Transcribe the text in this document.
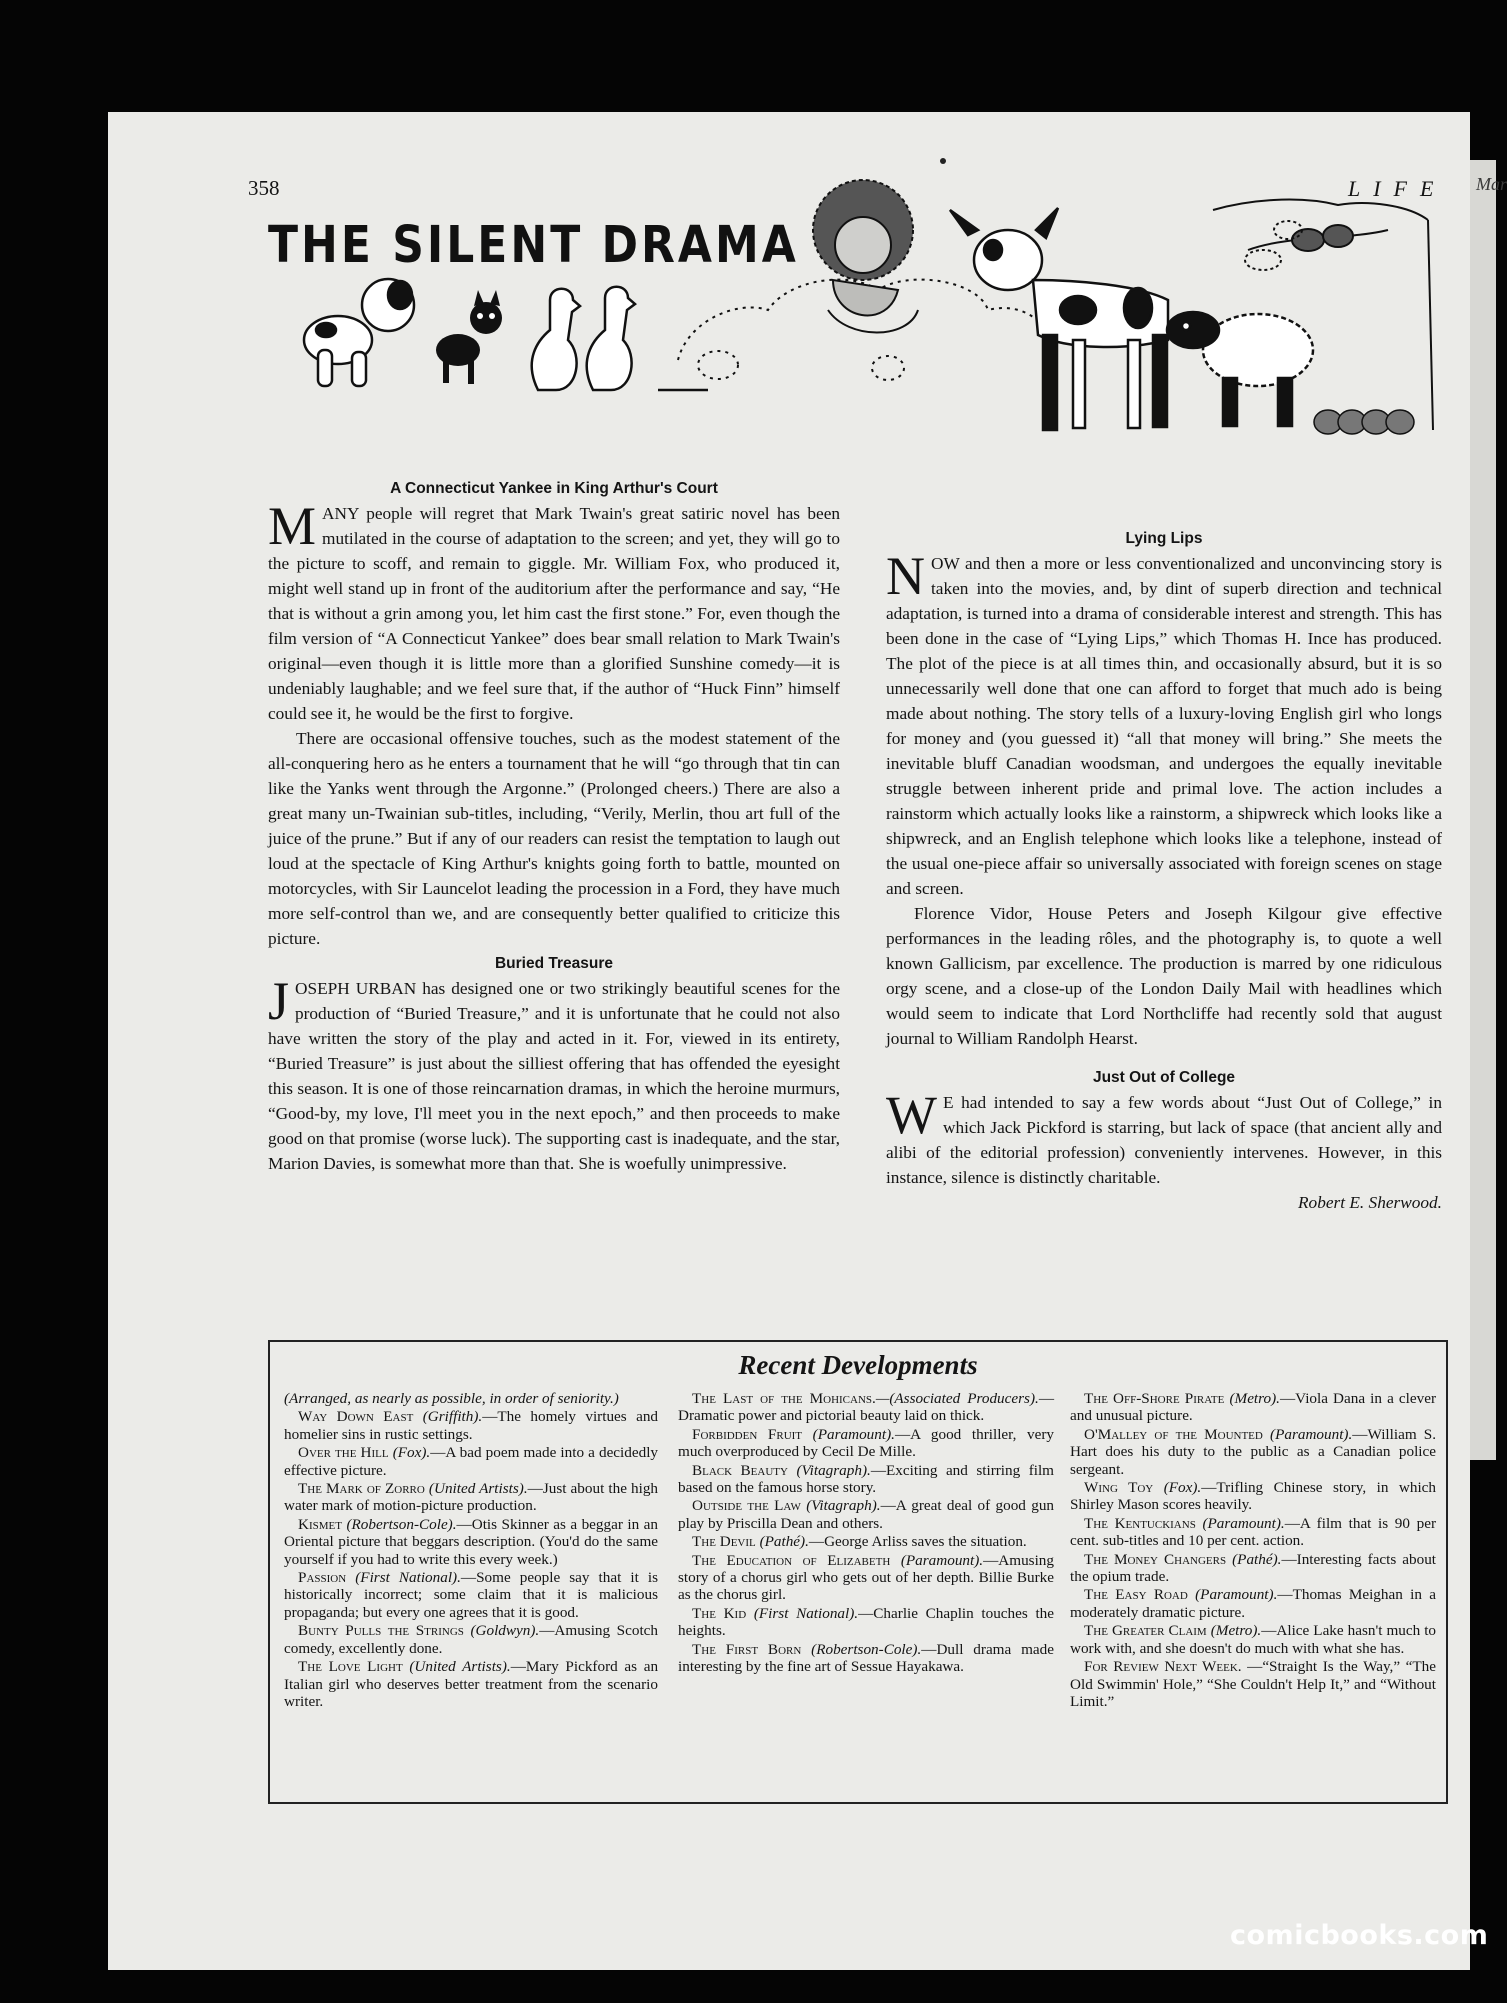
Mar
358	LIFE
THE SILENT DRAMA
A Connecticut Yankee in King Arthur's Court

MANY people will regret that Mark Twain's great satiric novel has been mutilated in the course of adaptation to the screen; and yet, they will go to the picture to scoff, and remain to giggle. Mr. William Fox, who produced it, might well stand up in front of the auditorium after the performance and say, “He that is without a grin among you, let him cast the first stone.” For, even though the film version of “A Connecticut Yankee” does bear small relation to Mark Twain's original—even though it is little more than a glorified Sunshine comedy—it is undeniably laughable; and we feel sure that, if the author of “Huck Finn” himself could see it, he would be the first to forgive.

There are occasional offensive touches, such as the modest statement of the all-conquering hero as he enters a tournament that he will “go through that tin can like the Yanks went through the Argonne.” (Prolonged cheers.) There are also a great many un-Twainian sub-titles, including, “Verily, Merlin, thou art full of the juice of the prune.” But if any of our readers can resist the temptation to laugh out loud at the spectacle of King Arthur's knights going forth to battle, mounted on motorcycles, with Sir Launcelot leading the procession in a Ford, they have much more self-control than we, and are consequently better qualified to criticize this picture.

Buried Treasure

JOSEPH URBAN has designed one or two strikingly beautiful scenes for the production of “Buried Treasure,” and it is unfortunate that he could not also have written the story of the play and acted in it. For, viewed in its entirety, “Buried Treasure” is just about the silliest offering that has offended the eyesight this season. It is one of those reincarnation dramas, in which the heroine murmurs, “Good-by, my love, I'll meet you in the next epoch,” and then proceeds to make good on that promise (worse luck). The supporting cast is inadequate, and the star, Marion Davies, is somewhat more than that. She is woefully unimpressive.

Lying Lips

NOW and then a more or less conventionalized and unconvincing story is taken into the movies, and, by dint of superb direction and technical adaptation, is turned into a drama of considerable interest and strength. This has been done in the case of “Lying Lips,” which Thomas H. Ince has produced. The plot of the piece is at all times thin, and occasionally absurd, but it is so unnecessarily well done that one can afford to forget that much ado is being made about nothing. The story tells of a luxury-loving English girl who longs for money and (you guessed it) “all that money will bring.” She meets the inevitable bluff Canadian woodsman, and undergoes the equally inevitable struggle between inherent pride and primal love. The action includes a rainstorm which actually looks like a rainstorm, a shipwreck which looks like a shipwreck, and an English telephone which looks like a telephone, instead of the usual one-piece affair so universally associated with foreign scenes on stage and screen.

Florence Vidor, House Peters and Joseph Kilgour give effective performances in the leading rôles, and the photography is, to quote a well known Gallicism, par excellence. The production is marred by one ridiculous orgy scene, and a close-up of the London Daily Mail with headlines which would seem to indicate that Lord Northcliffe had recently sold that august journal to William Randolph Hearst.

Just Out of College

W E had intended to say a few words about “Just Out of College,” in which Jack Pickford is starring, but lack of space (that ancient ally and alibi of the editorial profession) conveniently intervenes. However, in this instance, silence is distinctly charitable.

Robert E. Sherwood.
Recent Developments

(Arranged, as nearly as possible, in order of seniority.)

Way Down East (Griffith).—The homely virtues and homelier sins in rustic settings.

Over the Hill (Fox).—A bad poem made into a decidedly effective picture.

The Mark of Zorro (United Artists).—Just about the high water mark of motion-picture production.

Kismet (Robertson-Cole).—Otis Skinner as a beggar in an Oriental picture that beggars description. (You'd do the same yourself if you had to write this every week.)

Passion (First National).—Some people say that it is historically incorrect; some claim that it is malicious propaganda; but every one agrees that it is good.

Bunty Pulls the Strings (Goldwyn).—Amusing Scotch comedy, excellently done.

The Love Light (United Artists).—Mary Pickford as an Italian girl who deserves better treatment from the scenario writer.

The Last of the Mohicans.—(Associated Producers).—Dramatic power and pictorial beauty laid on thick.

Forbidden Fruit (Paramount).—A good thriller, very much overproduced by Cecil De Mille.

Black Beauty (Vitagraph).—Exciting and stirring film based on the famous horse story.

Outside the Law (Vitagraph).—A great deal of good gun play by Priscilla Dean and others.

The Devil (Pathé).—George Arliss saves the situation.

The Education of Elizabeth (Paramount).—Amusing story of a chorus girl who gets out of her depth. Billie Burke as the chorus girl.

The Kid (First National).—Charlie Chaplin touches the heights.

The First Born (Robertson-Cole).—Dull drama made interesting by the fine art of Sessue Hayakawa.

The Off-Shore Pirate (Metro).—Viola Dana in a clever and unusual picture.

O'Malley of the Mounted (Paramount).—William S. Hart does his duty to the public as a Canadian police sergeant.

Wing Toy (Fox).—Trifling Chinese story, in which Shirley Mason scores heavily.

The Kentuckians (Paramount).—A film that is 90 per cent. sub-titles and 10 per cent. action.

The Money Changers (Pathé).—Interesting facts about the opium trade.

The Easy Road (Paramount).—Thomas Meighan in a moderately dramatic picture.

The Greater Claim (Metro).—Alice Lake hasn't much to work with, and she doesn't do much with what she has.

For Review Next Week. —“Straight Is the Way,” “The Old Swimmin' Hole,” “She Couldn't Help It,” and “Without Limit.”

comicbooks.com
